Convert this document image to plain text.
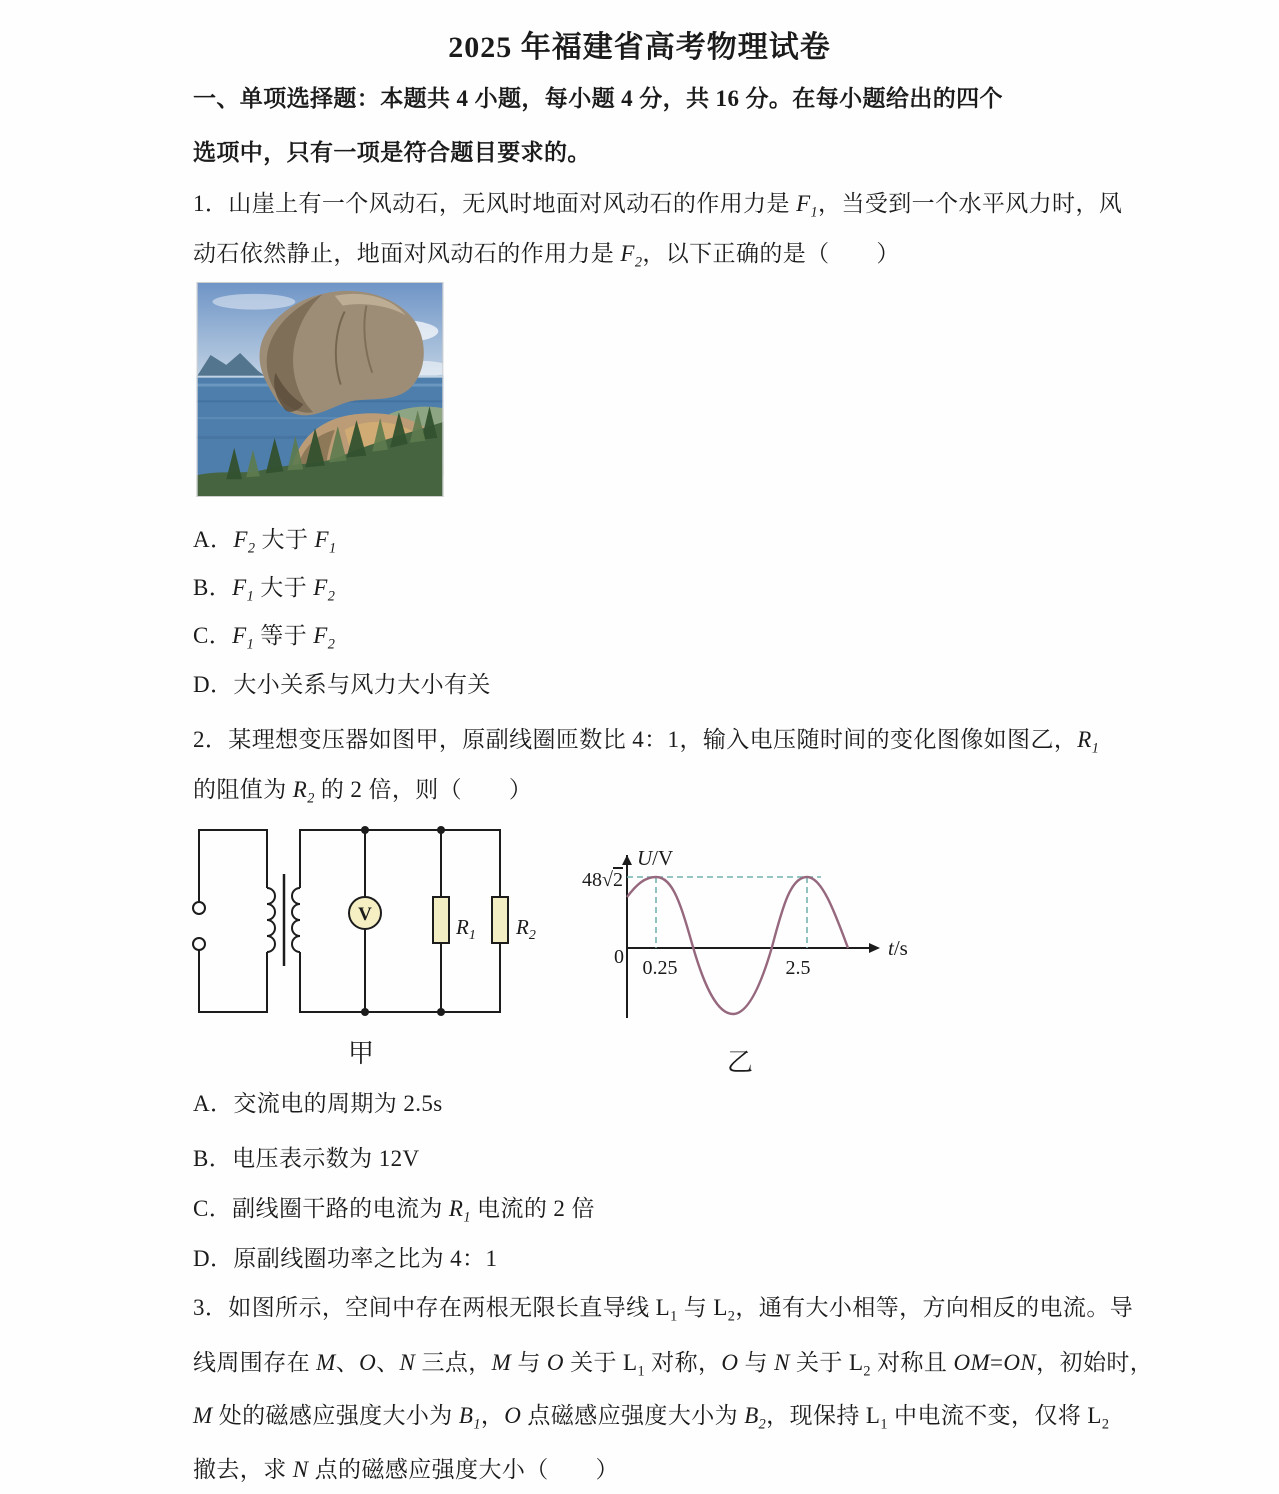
2025 年福建省高考物理试卷
一、单项选择题：本题共 4 小题，每小题 4 分，共 16 分。在每小题给出的四个
选项中，只有一项是符合题目要求的。
1．山崖上有一个风动石，无风时地面对风动石的作用力是 $F_1$，当受到一个水平风力时，风
动石依然静止，地面对风动石的作用力是 $F_2$，以下正确的是（　　）
A．$F_2$ 大于 $F_1$
B．$F_1$ 大于 $F_2$
C．$F_1$ 等于 $F_2$
D．大小关系与风力大小有关
2．某理想变压器如图甲，原副线圈匝数比 4：1，输入电压随时间的变化图像如图乙，$R_1$
的阻值为 $R_2$ 的 2 倍，则（　　）
V
$R_1$ $R_2$
甲
U/V
48√2
0 0.25	2.5
t/s
乙
A．交流电的周期为 2.5s
B．电压表示数为 12V
C．副线圈干路的电流为 $R_1$ 电流的 2 倍
D．原副线圈功率之比为 4：1
3．如图所示，空间中存在两根无限长直导线 $L_1$ 与 $L_2$，通有大小相等，方向相反的电流。导
线周围存在 M、O、N 三点，M 与 O 关于 $L_1$ 对称，O 与 N 关于 $L_2$ 对称且 OM=ON，初始时，
M 处的磁感应强度大小为 $B_1$，O 点磁感应强度大小为 $B_2$，现保持 $L_1$ 中电流不变，仅将 $L_2$
撤去，求 N 点的磁感应强度大小（　　）
